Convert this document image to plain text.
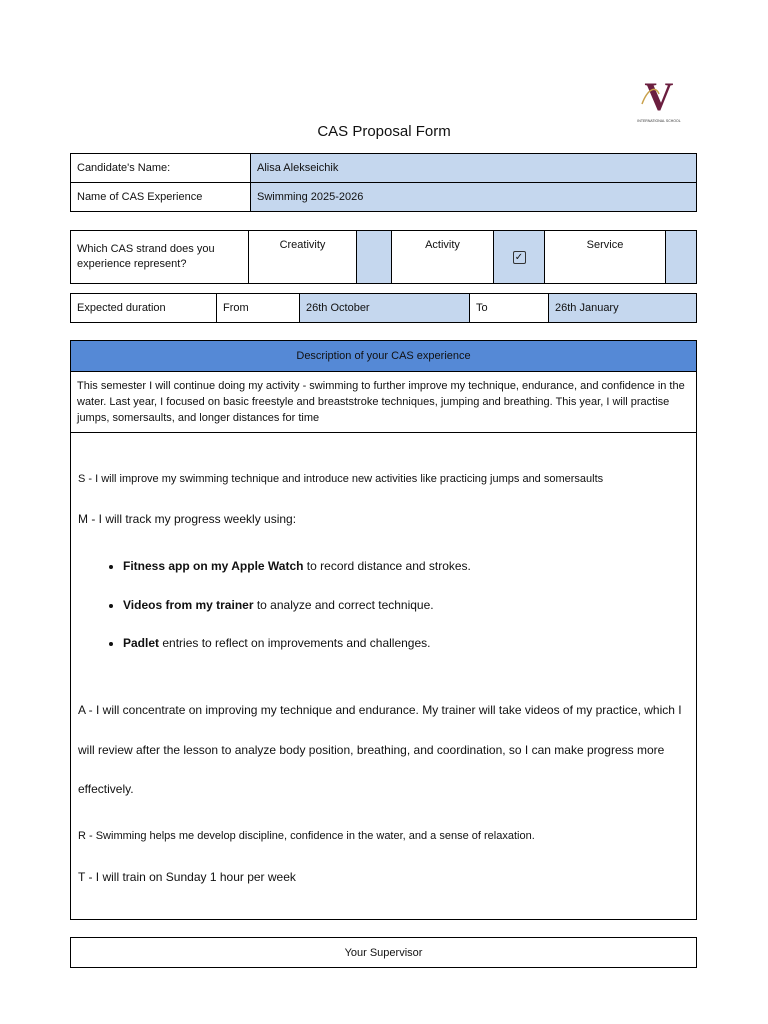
V
INTERNATIONAL SCHOOL
CAS Proposal Form
Candidate's Name:	Alisa Alekseichik
Name of CAS Experience	Swimming 2025-2026
Which CAS strand does you experience represent?	Creativity		Activity	✓	Service	
Expected duration	From	26th October	To	26th January
Description of your CAS experience
This semester I will continue doing my activity - swimming to further improve my technique, endurance, and confidence in the water. Last year, I focused on basic freestyle and breaststroke techniques, jumping and breathing. This year, I will practise jumps, somersaults, and longer distances for time

S - I will improve my swimming technique and introduce new activities like practicing jumps and somersaults
M - I will track my progress weekly using:
• Fitness app on my Apple Watch to record distance and strokes.
• Videos from my trainer to analyze and correct technique.
• Padlet entries to reflect on improvements and challenges.
A - I will concentrate on improving my technique and endurance. My trainer will take videos of my practice, which I will review after the lesson to analyze body position, breathing, and coordination, so I can make progress more effectively.
R - Swimming helps me develop discipline, confidence in the water, and a sense of relaxation.
T - I will train on Sunday 1 hour per week
Your Supervisor
